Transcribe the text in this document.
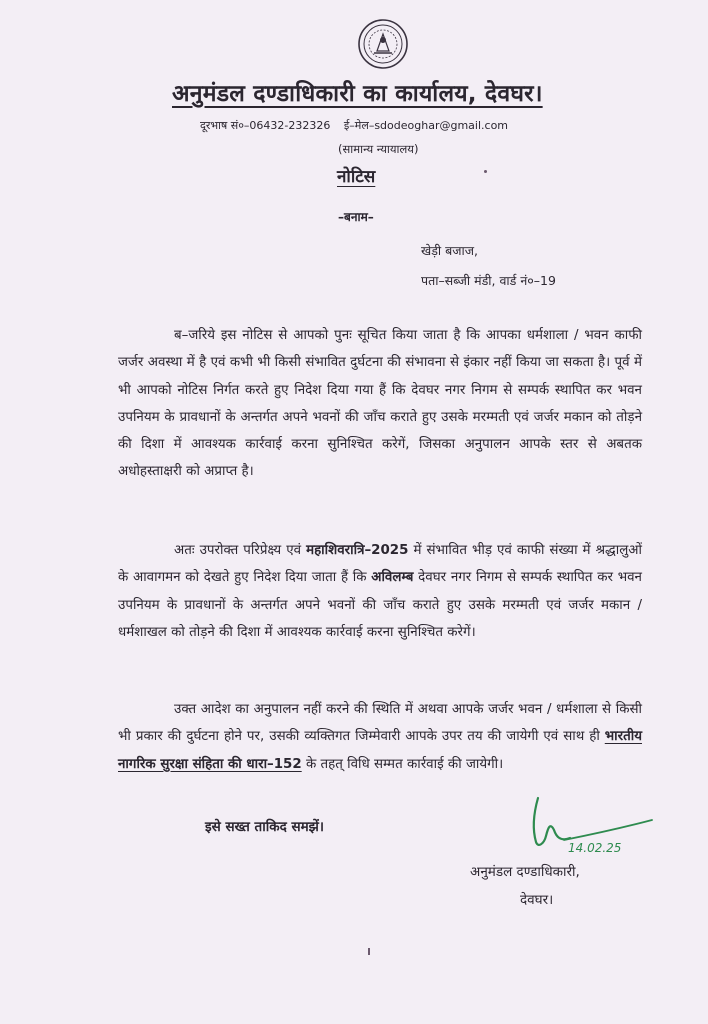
अनुमंडल दण्डाधिकारी का कार्यालय, देवघर।
दूरभाष सं०–06432-232326 ई–मेल–sdodeoghar@gmail.com
(सामान्य न्यायालय)
नोटिस
–बनाम–
खेड़ी बजाज,
पता–सब्जी मंडी, वार्ड नं०–19
ब–जरिये इस नोटिस से आपको पुनः सूचित किया जाता है कि आपका धर्मशाला / भवन काफी जर्जर अवस्था में है एवं कभी भी किसी संभावित दुर्घटना की संभावना से इंकार नहीं किया जा सकता है। पूर्व में भी आपको नोटिस निर्गत करते हुए निदेश दिया गया हैं कि देवघर नगर निगम से सम्पर्क स्थापित कर भवन उपनियम के प्रावधानों के अन्तर्गत अपने भवनों की जाँच कराते हुए उसके मरम्मती एवं जर्जर मकान को तोड़ने की दिशा में आवश्यक कार्रवाई करना सुनिश्चित करेगें, जिसका अनुपालन आपके स्तर से अबतक अधोहस्ताक्षरी को अप्राप्त है।
अतः उपरोक्त परिप्रेक्ष्य एवं महाशिवरात्रि–2025 में संभावित भीड़ एवं काफी संख्या में श्रद्धालुओं के आवागमन को देखते हुए निदेश दिया जाता हैं कि अविलम्ब देवघर नगर निगम से सम्पर्क स्थापित कर भवन उपनियम के प्रावधानों के अन्तर्गत अपने भवनों की जाँच कराते हुए उसके मरम्मती एवं जर्जर मकान / धर्मशाखल को तोड़ने की दिशा में आवश्यक कार्रवाई करना सुनिश्चित करेगें।
उक्त आदेश का अनुपालन नहीं करने की स्थिति में अथवा आपके जर्जर भवन / धर्मशाला से किसी भी प्रकार की दुर्घटना होने पर, उसकी व्यक्तिगत जिम्मेवारी आपके उपर तय की जायेगी एवं साथ ही भारतीय नागरिक सुरक्षा संहिता की धारा–152 के तहत् विधि सम्मत कार्रवाई की जायेगी।
इसे सख्त ताकिद समझें।
14.02.25
अनुमंडल दण्डाधिकारी,
देवघर।
